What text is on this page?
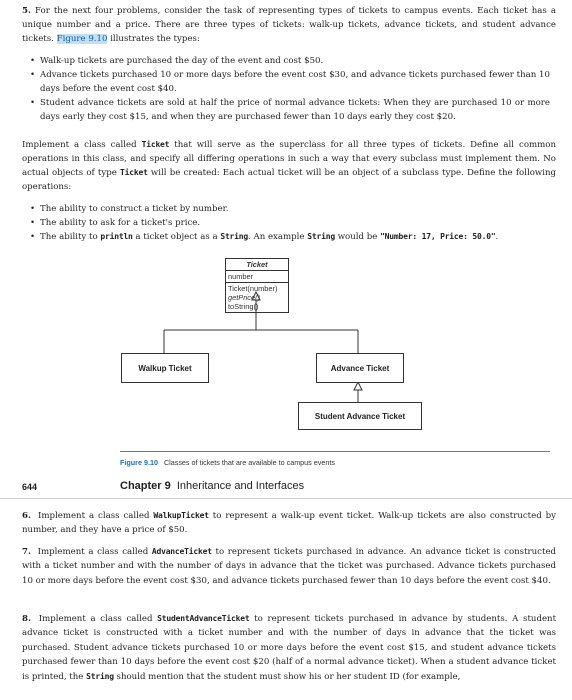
5. For the next four problems, consider the task of representing types of tickets to campus events. Each ticket has a unique number and a price. There are three types of tickets: walk-up tickets, advance tickets, and student advance tickets. Figure 9.10 illustrates the types:

• Walk-up tickets are purchased the day of the event and cost $50.
• Advance tickets purchased 10 or more days before the event cost $30, and advance tickets purchased fewer than 10 days before the event cost $40.
• Student advance tickets are sold at half the price of normal advance tickets: When they are purchased 10 or more days early they cost $15, and when they are purchased fewer than 10 days early they cost $20.

Implement a class called Ticket that will serve as the superclass for all three types of tickets. Define all common operations in this class, and specify all differing operations in such a way that every subclass must implement them. No actual objects of type Ticket will be created: Each actual ticket will be an object of a subclass type. Define the following operations:

• The ability to construct a ticket by number.
• The ability to ask for a ticket's price.
• The ability to println a ticket object as a String. An example String would be "Number: 17, Price: 50.0".
Ticket
number
Ticket(number)
getPrice()
toString()
Walkup Ticket	Advance Ticket
Student Advance Ticket
Figure 9.10 Classes of tickets that are available to campus events
644	Chapter 9 Inheritance and Interfaces

6. Implement a class called WalkupTicket to represent a walk-up event ticket. Walk-up tickets are also constructed by number, and they have a price of $50.

7. Implement a class called AdvanceTicket to represent tickets purchased in advance. An advance ticket is constructed with a ticket number and with the number of days in advance that the ticket was purchased. Advance tickets purchased 10 or more days before the event cost $30, and advance tickets purchased fewer than 10 days before the event cost $40.

8. Implement a class called StudentAdvanceTicket to represent tickets purchased in advance by students. A student advance ticket is constructed with a ticket number and with the number of days in advance that the ticket was purchased. Student advance tickets purchased 10 or more days before the event cost $15, and student advance tickets purchased fewer than 10 days before the event cost $20 (half of a normal advance ticket). When a student advance ticket is printed, the String should mention that the student must show his or her student ID (for example,
